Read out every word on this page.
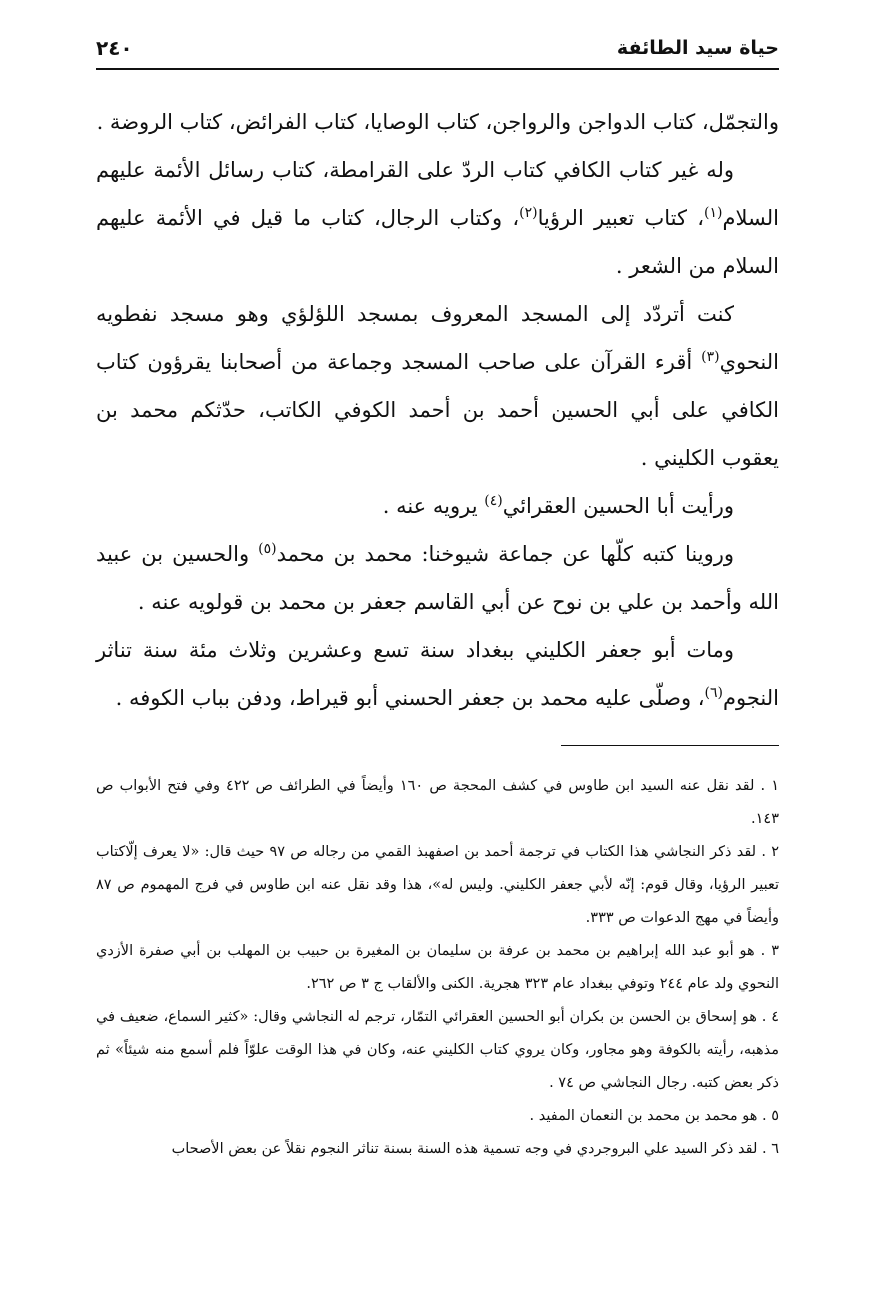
حياة سيد الطائفة
٢٤٠

والتجمّل، كتاب الدواجن والرواجن، كتاب الوصايا، كتاب الفرائض، كتاب الروضة .

وله غير كتاب الكافي كتاب الردّ على القرامطة، كتاب رسائل الأئمة عليهم السلام$^{(١)}$، كتاب تعبير الرؤيا$^{(٢)}$، وكتاب الرجال، كتاب ما قيل في الأئمة عليهم السلام من الشعر .

كنت أتردّد إلى المسجد المعروف بمسجد اللؤلؤي وهو مسجد نفطويه النحوي$^{(٣)}$ أقرء القرآن على صاحب المسجد وجماعة من أصحابنا يقرؤون كتاب الكافي على أبي الحسين أحمد بن أحمد الكوفي الكاتب، حدّثكم محمد بن يعقوب الكليني .

ورأيت أبا الحسين العقرائي$^{(٤)}$ يرويه عنه .

وروينا كتبه كلّها عن جماعة شيوخنا: محمد بن محمد$^{(٥)}$ والحسين بن عبيد الله وأحمد بن علي بن نوح عن أبي القاسم جعفر بن محمد بن قولويه عنه .

ومات أبو جعفر الكليني ببغداد سنة تسع وعشرين وثلاث مئة سنة تناثر النجوم$^{(٦)}$، وصلّى عليه محمد بن جعفر الحسني أبو قيراط، ودفن بباب الكوفه .

١ . لقد نقل عنه السيد ابن طاوس في كشف المحجة ص ١٦٠ وأيضاً في الطرائف ص ٤٢٢ وفي فتح الأبواب ص ١٤٣.

٢ . لقد ذكر النجاشي هذا الكتاب في ترجمة أحمد بن اصفهبذ القمي من رجاله ص ٩٧ حيث قال: «لا يعرف إلّاكتاب تعبير الرؤيا، وقال قوم: إنّه لأبي جعفر الكليني. وليس له»، هذا وقد نقل عنه ابن طاوس في فرج المهموم ص ٨٧ وأيضاً في مهج الدعوات ص ٣٣٣.

٣ . هو أبو عبد الله إبراهيم بن محمد بن عرفة بن سليمان بن المغيرة بن حبيب بن المهلب بن أبي صفرة الأزدي النحوي ولد عام ٢٤٤ وتوفي ببغداد عام ٣٢٣ هجرية. الكنى والألقاب ج ٣ ص ٢٦٢.

٤ . هو إسحاق بن الحسن بن بكران أبو الحسين العقرائي التمّار، ترجم له النجاشي وقال: «كثير السماع، ضعيف في مذهبه، رأيته بالكوفة وهو مجاور، وكان يروي كتاب الكليني عنه، وكان في هذا الوقت علوّاً فلم أسمع منه شيئاً» ثم ذكر بعض كتبه. رجال النجاشي ص ٧٤ .

٥ . هو محمد بن محمد بن النعمان المفيد .

٦ . لقد ذكر السيد علي البروجردي في وجه تسمية هذه السنة بسنة تناثر النجوم نقلاً عن بعض الأصحاب
